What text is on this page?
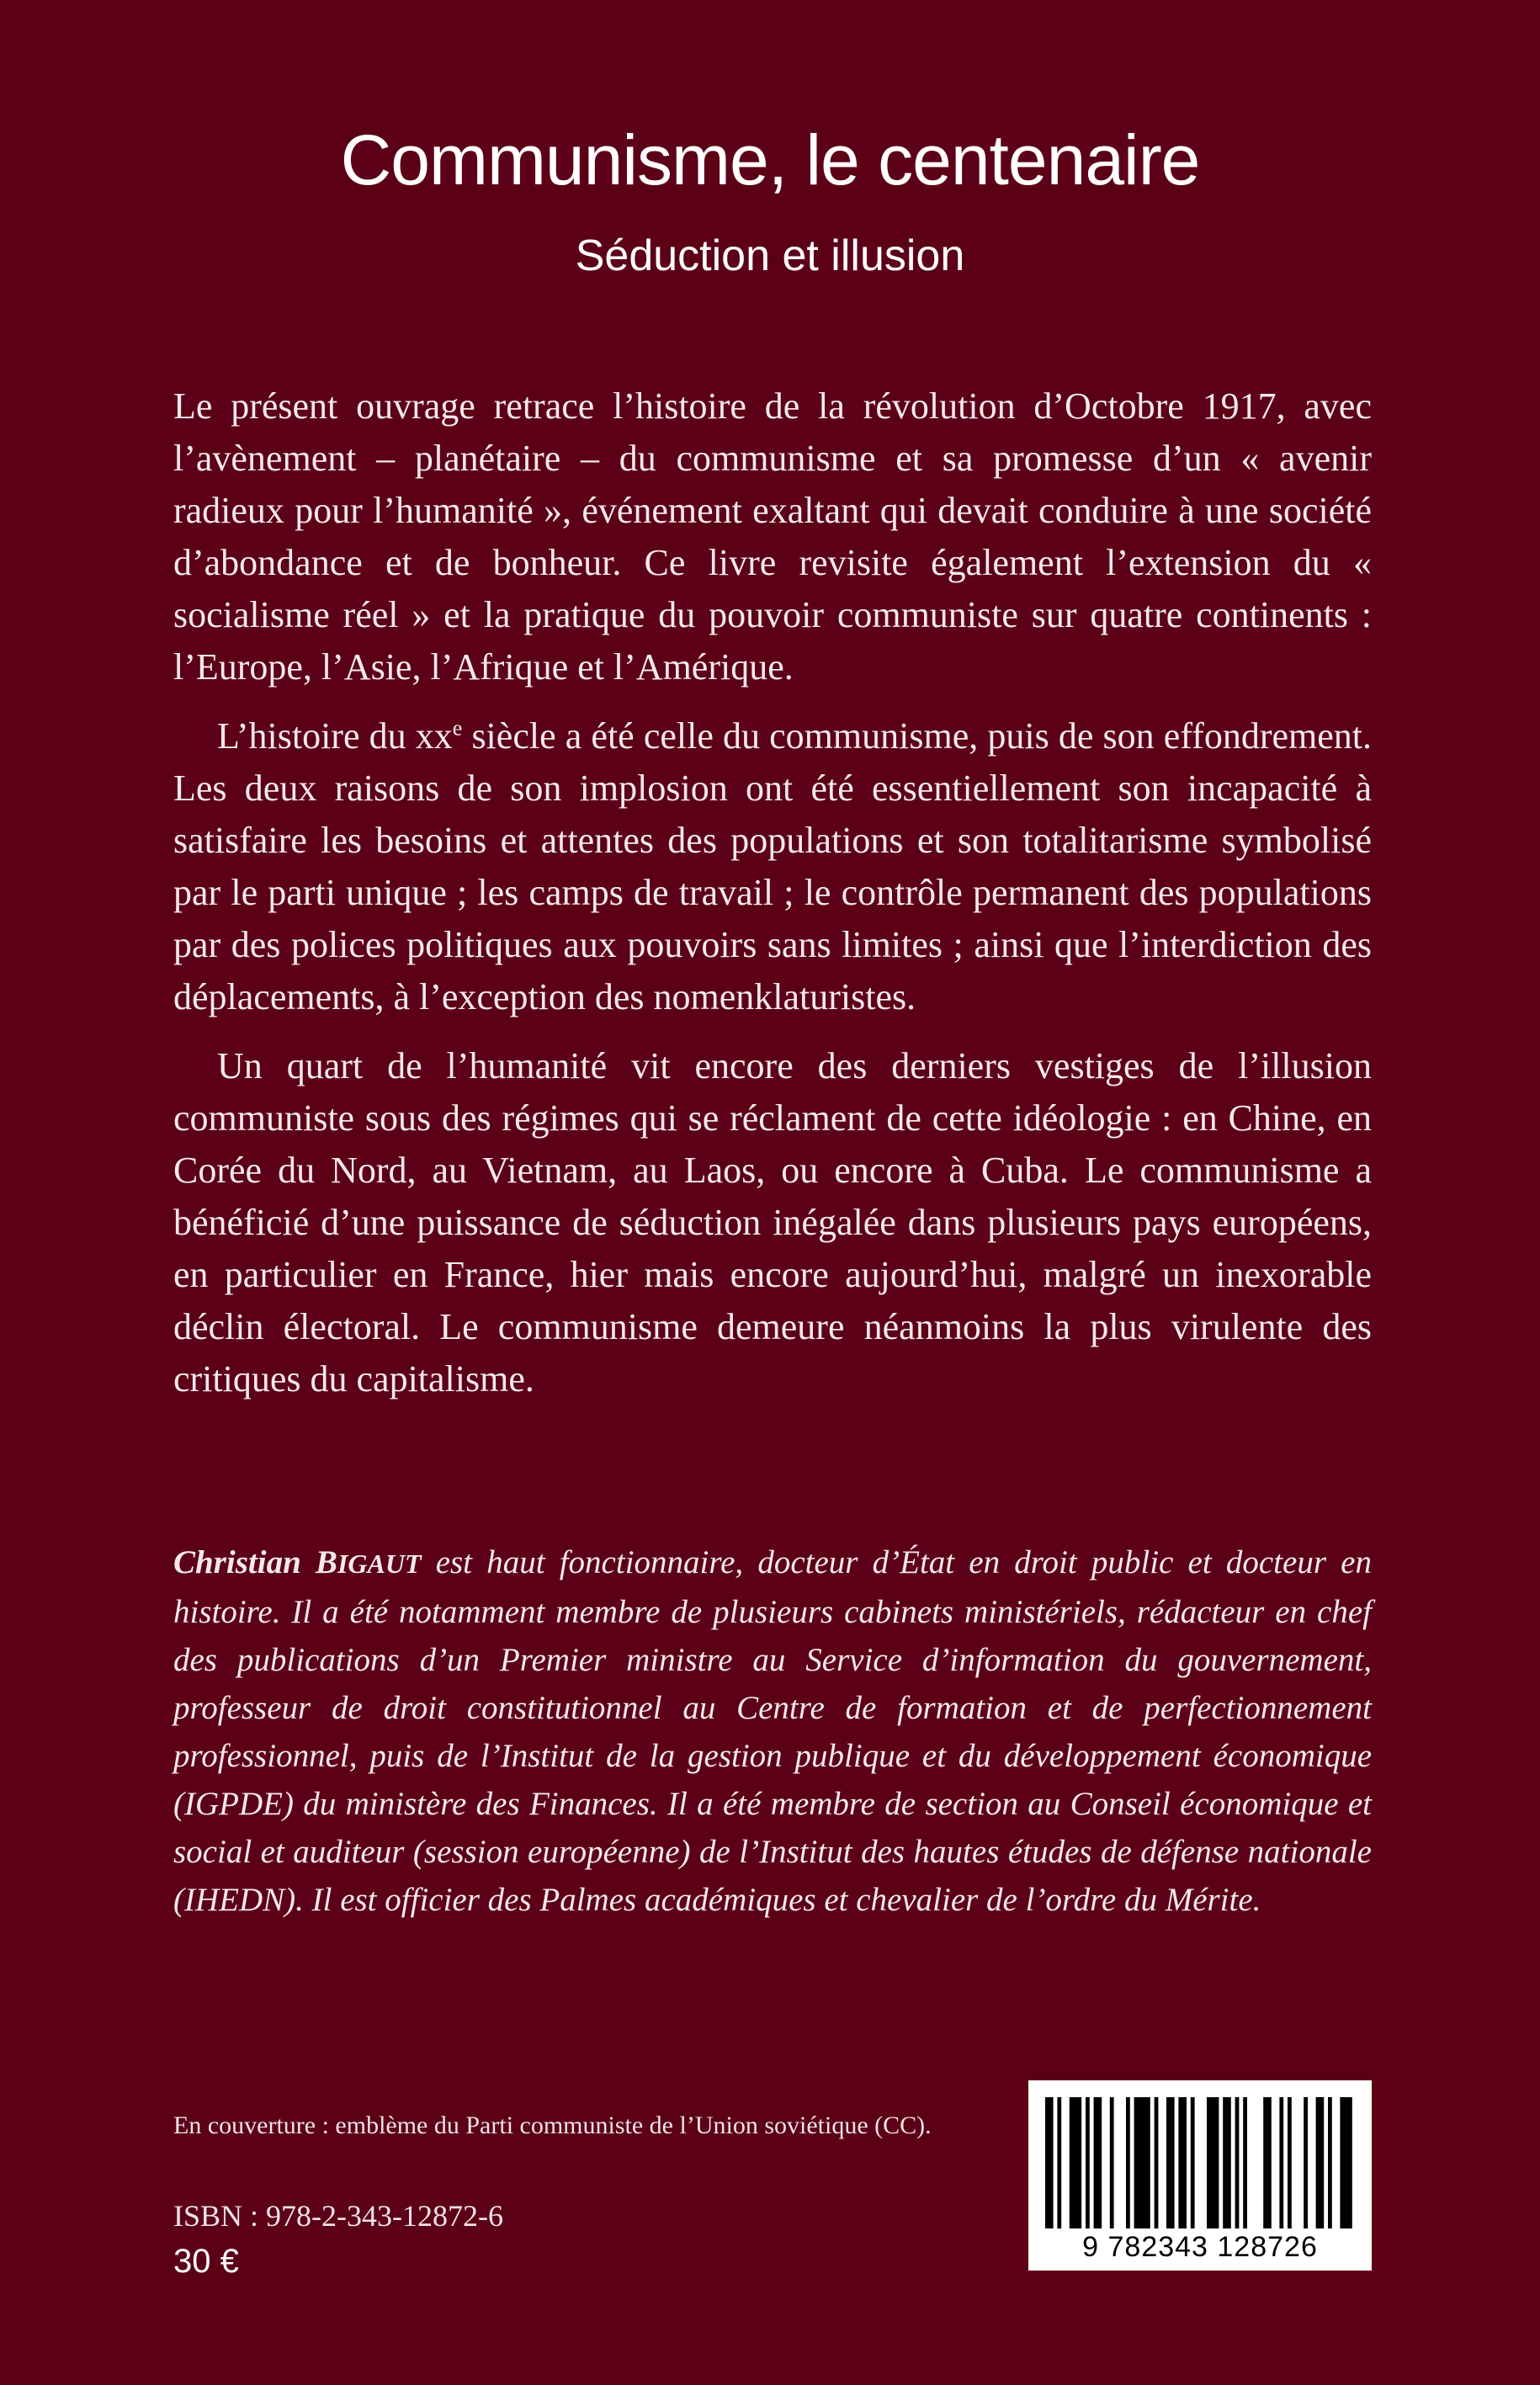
Communisme, le centenaire
Séduction et illusion

Le présent ouvrage retrace l’histoire de la révolution d’Octobre 1917, avec l’avènement – planétaire – du communisme et sa promesse d’un « avenir radieux pour l’humanité », événement exaltant qui devait conduire à une société d’abondance et de bonheur. Ce livre revisite également l’extension du « socialisme réel » et la pratique du pouvoir communiste sur quatre continents : l’Europe, l’Asie, l’Afrique et l’Amérique.

L’histoire du $xx^e$ siècle a été celle du communisme, puis de son effondrement. Les deux raisons de son implosion ont été essentiellement son incapacité à satisfaire les besoins et attentes des populations et son totalitarisme symbolisé par le parti unique ; les camps de travail ; le contrôle permanent des populations par des polices politiques aux pouvoirs sans limites ; ainsi que l’interdiction des déplacements, à l’exception des nomenklaturistes.

Un quart de l’humanité vit encore des derniers vestiges de l’illusion communiste sous des régimes qui se réclament de cette idéologie : en Chine, en Corée du Nord, au Vietnam, au Laos, ou encore à Cuba. Le communisme a bénéficié d’une puissance de séduction inégalée dans plusieurs pays européens, en particulier en France, hier mais encore aujourd’hui, malgré un inexorable déclin électoral. Le communisme demeure néanmoins la plus virulente des critiques du capitalisme.

Christian BIGAUT est haut fonctionnaire, docteur d’État en droit public et docteur en histoire. Il a été notamment membre de plusieurs cabinets ministériels, rédacteur en chef des publications d’un Premier ministre au Service d’information du gouvernement, professeur de droit constitutionnel au Centre de formation et de perfectionnement professionnel, puis de l’Institut de la gestion publique et du développement économique (IGPDE) du ministère des Finances. Il a été membre de section au Conseil économique et social et auditeur (session européenne) de l’Institut des hautes études de défense nationale (IHEDN). Il est officier des Palmes académiques et chevalier de l’ordre du Mérite.
En couverture : emblème du Parti communiste de l’Union soviétique (CC).
ISBN : 978-2-343-12872-6
30 €	9 782343 128726
